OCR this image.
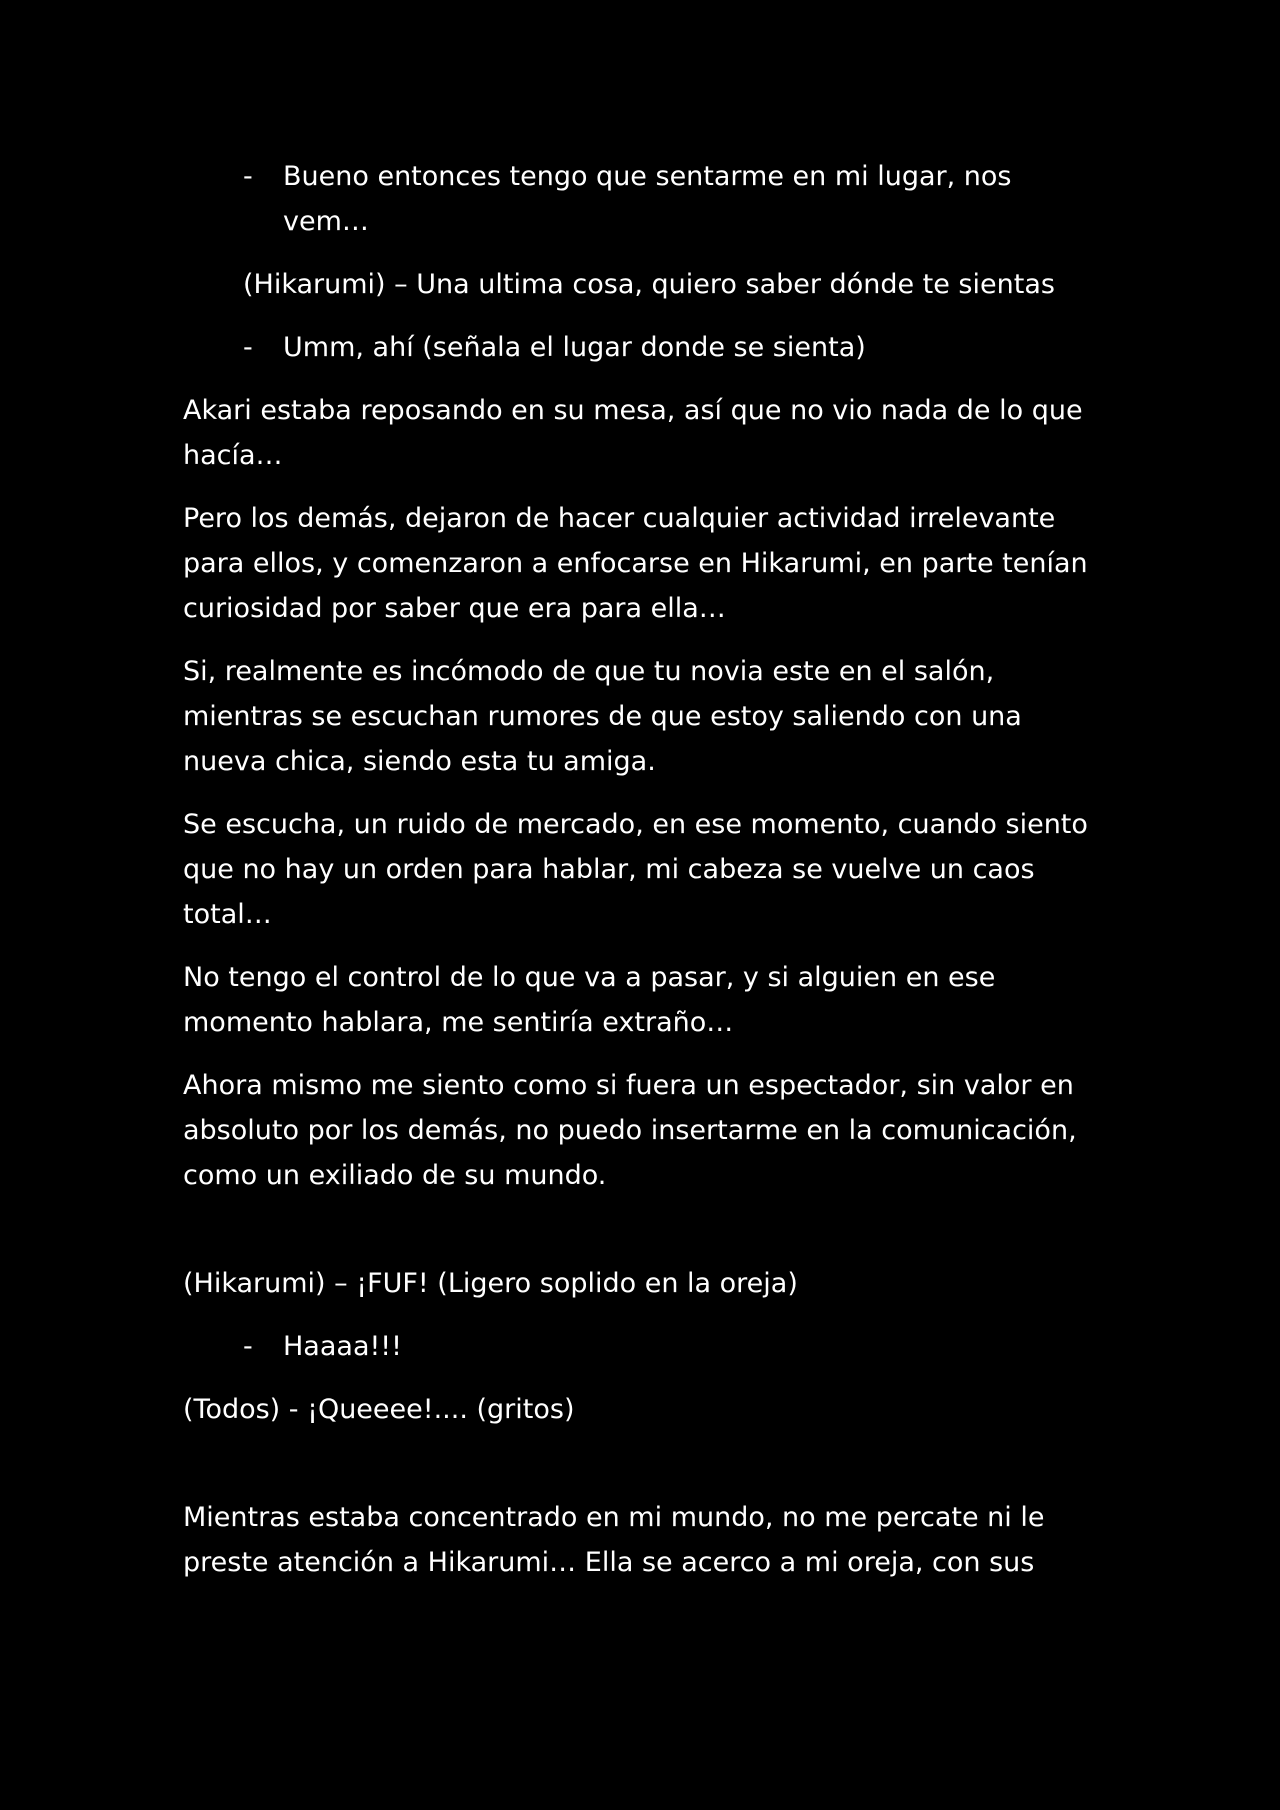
- Bueno entonces tengo que sentarme en mi lugar, nos vem…
(Hikarumi) – Una ultima cosa, quiero saber dónde te sientas
- Umm, ahí (señala el lugar donde se sienta)
Akari estaba reposando en su mesa, así que no vio nada de lo que hacía…
Pero los demás, dejaron de hacer cualquier actividad irrelevante para ellos, y comenzaron a enfocarse en Hikarumi, en parte tenían curiosidad por saber que era para ella…
Si, realmente es incómodo de que tu novia este en el salón, mientras se escuchan rumores de que estoy saliendo con una nueva chica, siendo esta tu amiga.
Se escucha, un ruido de mercado, en ese momento, cuando siento que no hay un orden para hablar, mi cabeza se vuelve un caos total…
No tengo el control de lo que va a pasar, y si alguien en ese momento hablara, me sentiría extraño…
Ahora mismo me siento como si fuera un espectador, sin valor en absoluto por los demás, no puedo insertarme en la comunicación, como un exiliado de su mundo.
(Hikarumi) – ¡FUF! (Ligero soplido en la oreja)
- Haaaa!!!
(Todos) - ¡Queeee!.... (gritos)
Mientras estaba concentrado en mi mundo, no me percate ni le preste atención a Hikarumi… Ella se acerco a mi oreja, con sus
